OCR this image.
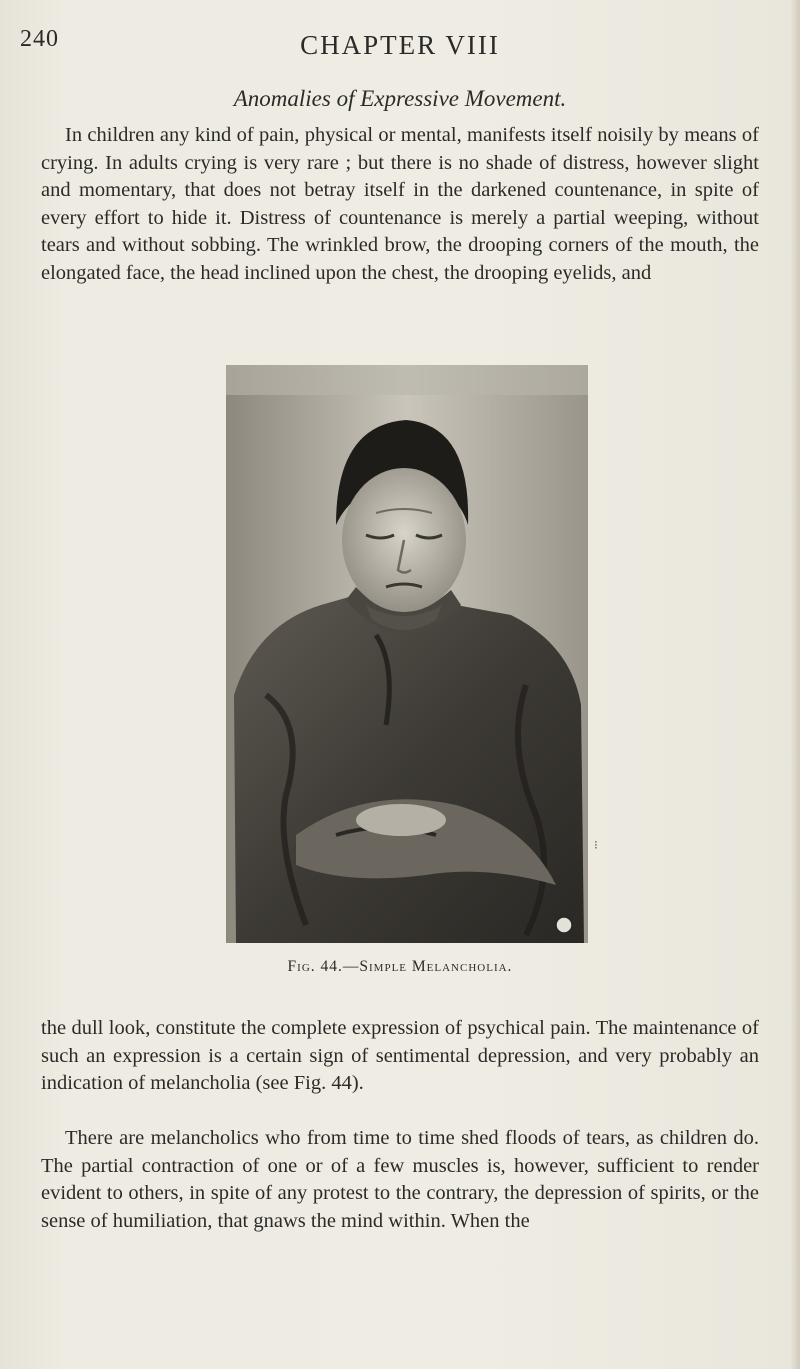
240	CHAPTER VIII
Anomalies of Expressive Movement.

In children any kind of pain, physical or mental, manifests itself noisily by means of crying. In adults crying is very rare ; but there is no shade of distress, however slight and momentary, that does not betray itself in the darkened countenance, in spite of every effort to hide it. Distress of countenance is merely a partial weeping, without tears and without sobbing. The wrinkled brow, the drooping corners of the mouth, the elongated face, the head inclined upon the chest, the drooping eyelids, and

⁝
Fig. 44.—Simple Melancholia.

the dull look, constitute the complete expression of psychical pain. The maintenance of such an expression is a certain sign of sentimental depression, and very probably an indication of melancholia (see Fig. 44).

There are melancholics who from time to time shed floods of tears, as children do. The partial contraction of one or of a few muscles is, however, sufficient to render evident to others, in spite of any protest to the contrary, the depression of spirits, or the sense of humiliation, that gnaws the mind within. When the
